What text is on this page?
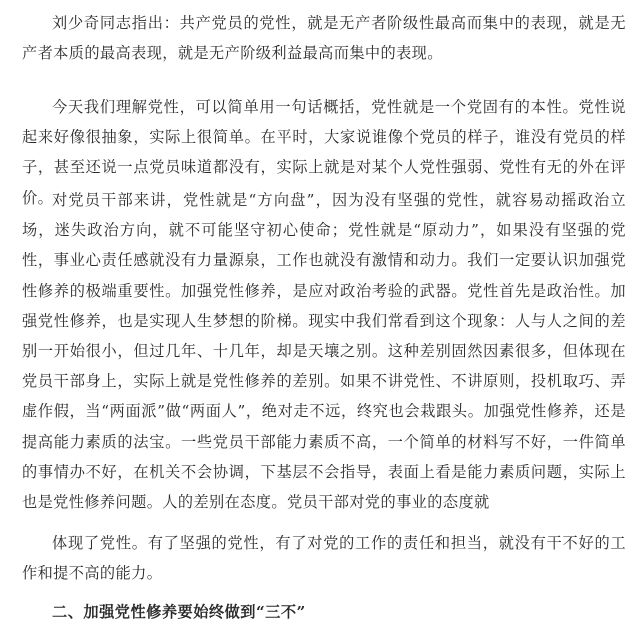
刘少奇同志指出：共产党员的党性，就是无产者阶级性最高而集中的表现，就是无产者本质的最高表现，就是无产阶级利益最高而集中的表现。

今天我们理解党性，可以简单用一句话概括，党性就是一个党固有的本性。党性说起来好像很抽象，实际上很简单。在平时，大家说谁像个党员的样子，谁没有党员的样子，甚至还说一点党员味道都没有，实际上就是对某个人党性强弱、党性有无的外在评价。

对党员干部来讲，党性就是“方向盘”，因为没有坚强的党性，就容易动摇政治立场，迷失政治方向，就不可能坚守初心使命；党性就是“原动力”，如果没有坚强的党性，事业心责任感就没有力量源泉，工作也就没有激情和动力。我们一定要认识加强党性修养的极端重要性。加强党性修养，是应对政治考验的武器。党性首先是政治性。加强党性修养，也是实现人生梦想的阶梯。现实中我们常看到这个现象：人与人之间的差别一开始很小，但过几年、十几年，却是天壤之别。这种差别固然因素很多，但体现在党员干部身上，实际上就是党性修养的差别。如果不讲党性、不讲原则，投机取巧、弄虚作假，当“两面派”做“两面人”，绝对走不远，终究也会栽跟头。加强党性修养，还是提高能力素质的法宝。一些党员干部能力素质不高，一个简单的材料写不好，一件简单的事情办不好，在机关不会协调，下基层不会指导，表面上看是能力素质问题，实际上也是党性修养问题。人的差别在态度。党员干部对党的事业的态度就

体现了党性。有了坚强的党性，有了对党的工作的责任和担当，就没有干不好的工作和提不高的能力。

二、加强党性修养要始终做到“三不”
